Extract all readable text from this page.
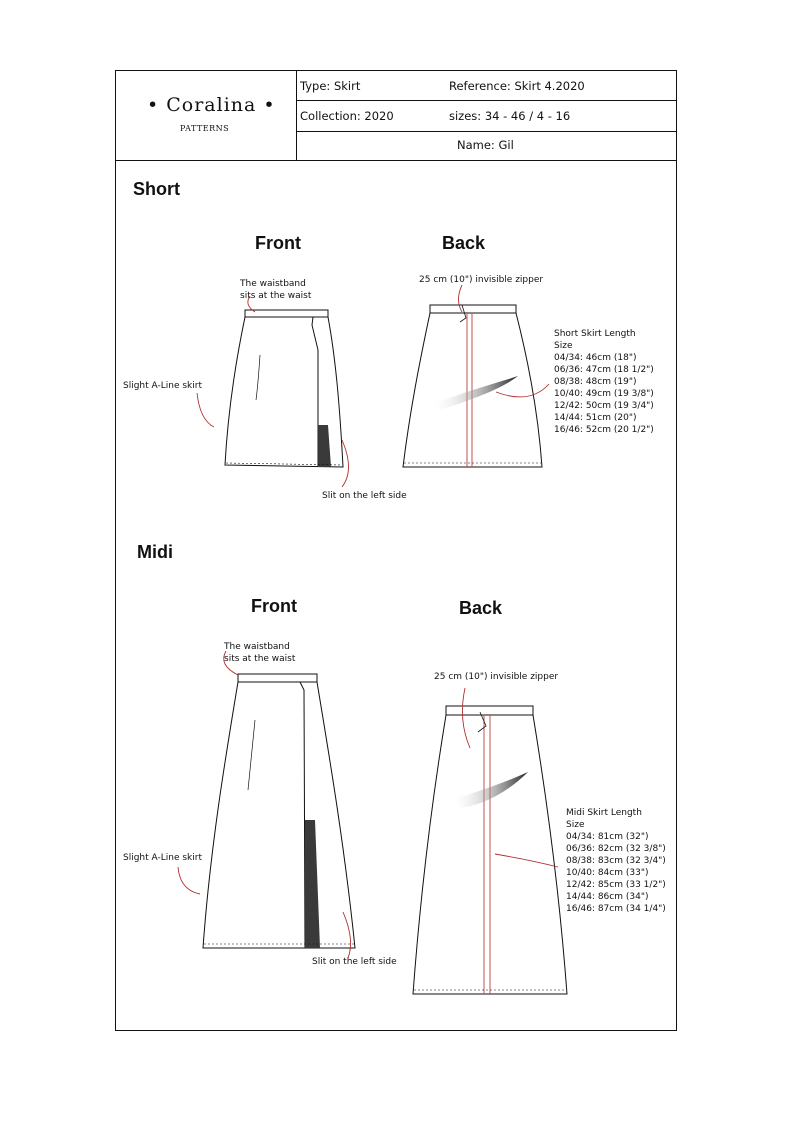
• Coralina •
PATTERNS
Type: Skirt	Reference: Skirt 4.2020
Collection: 2020	sizes: 34 - 46 / 4 - 16
Name: Gil
Short
Front	Back
The waistband
sits at the waist
Slight A-Line skirt
Slit on the left side
25 cm (10") invisible zipper
Short Skirt Length
Size
04/34: 46cm (18")
06/36: 47cm (18 1/2")
08/38: 48cm (19")
10/40: 49cm (19 3/8")
12/42: 50cm (19 3/4")
14/44: 51cm (20")
16/46: 52cm (20 1/2")
Midi
Front	Back
The waistband
sits at the waist
Slight A-Line skirt
Slit on the left side
25 cm (10") invisible zipper
Midi Skirt Length
Size
04/34: 81cm (32")
06/36: 82cm (32 3/8")
08/38: 83cm (32 3/4")
10/40: 84cm (33")
12/42: 85cm (33 1/2")
14/44: 86cm (34")
16/46: 87cm (34 1/4")
